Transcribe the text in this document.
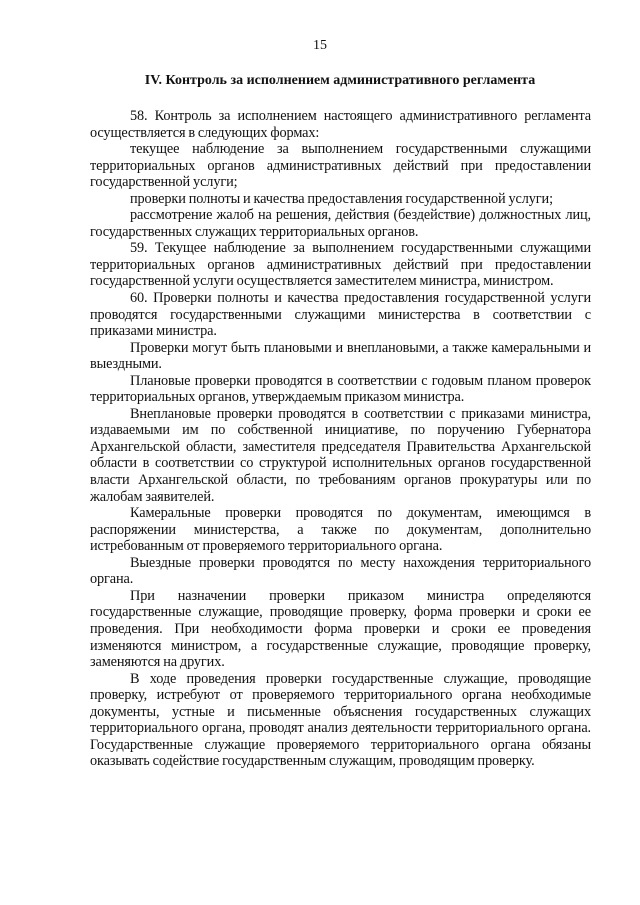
15
IV. Контроль за исполнением административного регламента

58. Контроль за исполнением настоящего административного регламента осуществляется в следующих формах:

текущее наблюдение за выполнением государственными служащими территориальных органов административных действий при предоставлении государственной услуги;

проверки полноты и качества предоставления государственной услуги;

рассмотрение жалоб на решения, действия (бездействие) должностных лиц, государственных служащих территориальных органов.

59. Текущее наблюдение за выполнением государственными служащими территориальных органов административных действий при предоставлении государственной услуги осуществляется заместителем министра, министром.

60. Проверки полноты и качества предоставления государственной услуги проводятся государственными служащими министерства в соответствии с приказами министра.

Проверки могут быть плановыми и внеплановыми, а также камеральными и выездными.

Плановые проверки проводятся в соответствии с годовым планом проверок территориальных органов, утверждаемым приказом министра.

Внеплановые проверки проводятся в соответствии с приказами министра, издаваемыми им по собственной инициативе, по поручению Губернатора Архангельской области, заместителя председателя Правительства Архангельской области в соответствии со структурой исполнительных органов государственной власти Архангельской области, по требованиям органов прокуратуры или по жалобам заявителей.

Камеральные проверки проводятся по документам, имеющимся в распоряжении министерства, а также по документам, дополнительно истребованным от проверяемого территориального органа.

Выездные проверки проводятся по месту нахождения территориального органа.

При назначении проверки приказом министра определяются государственные служащие, проводящие проверку, форма проверки и сроки ее проведения. При необходимости форма проверки и сроки ее проведения изменяются министром, а государственные служащие, проводящие проверку, заменяются на других.

В ходе проведения проверки государственные служащие, проводящие проверку, истребуют от проверяемого территориального органа необходимые документы, устные и письменные объяснения государственных служащих территориального органа, проводят анализ деятельности территориального органа. Государственные служащие проверяемого территориального органа обязаны оказывать содействие государственным служащим, проводящим проверку.
